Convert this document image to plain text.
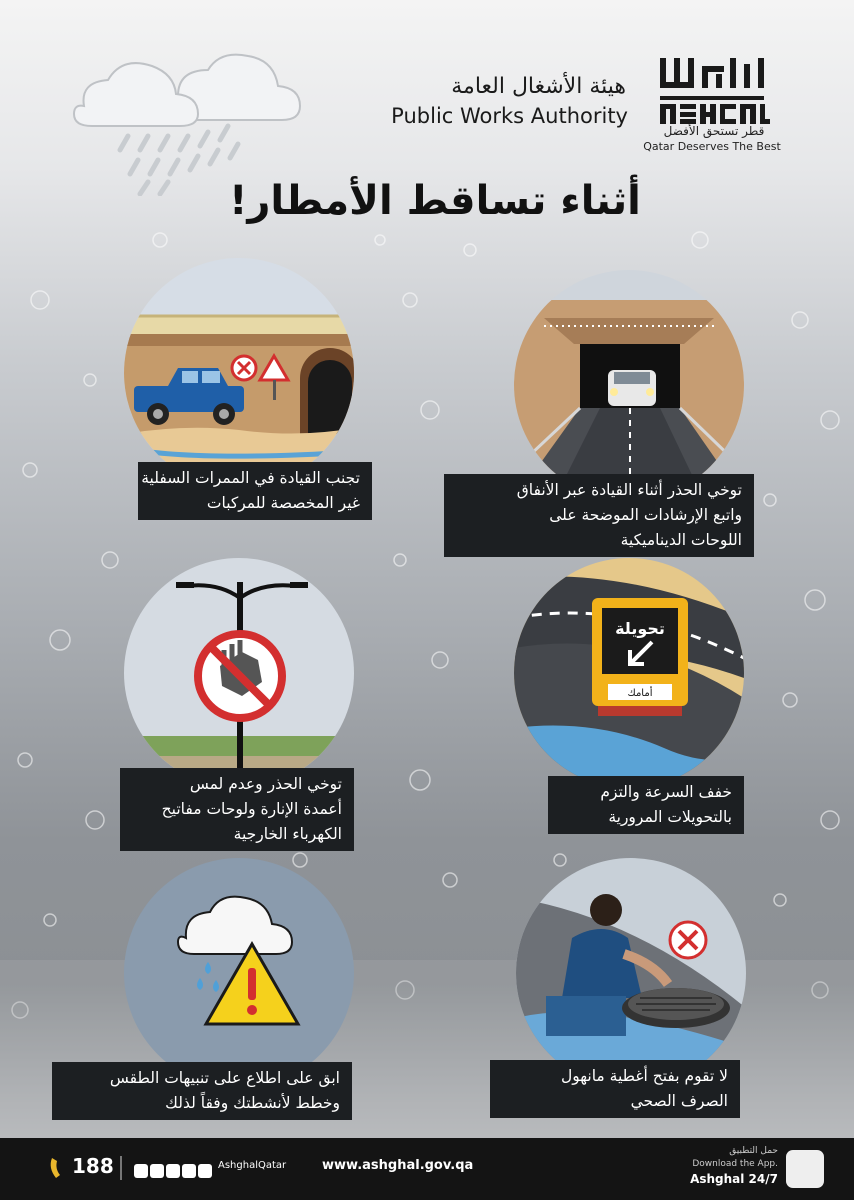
قطر تستحق الأفضل
Qatar Deserves The Best
هيئة الأشغال العامة
Public Works Authority
أثناء تساقط الأمطار!
تجنب القيادة في الممرات السفلية
غير المخصصة للمركبات
توخي الحذر أثناء القيادة عبر الأنفاق
واتبع الإرشادات الموضحة على
اللوحات الديناميكية
توخي الحذر وعدم لمس
أعمدة الإنارة ولوحات مفاتيح
الكهرباء الخارجية
تحويلة
أمامك
خفف السرعة والتزم
بالتحويلات المرورية
ابق على اطلاع على تنبيهات الطقس
وخطط لأنشطتك وفقاً لذلك
لا تقوم بفتح أغطية مانهول
الصرف الصحي
188	AshghalQatar	www.ashghal.gov.qa
حمل التطبيق
Download the App.
Ashghal 24/7
